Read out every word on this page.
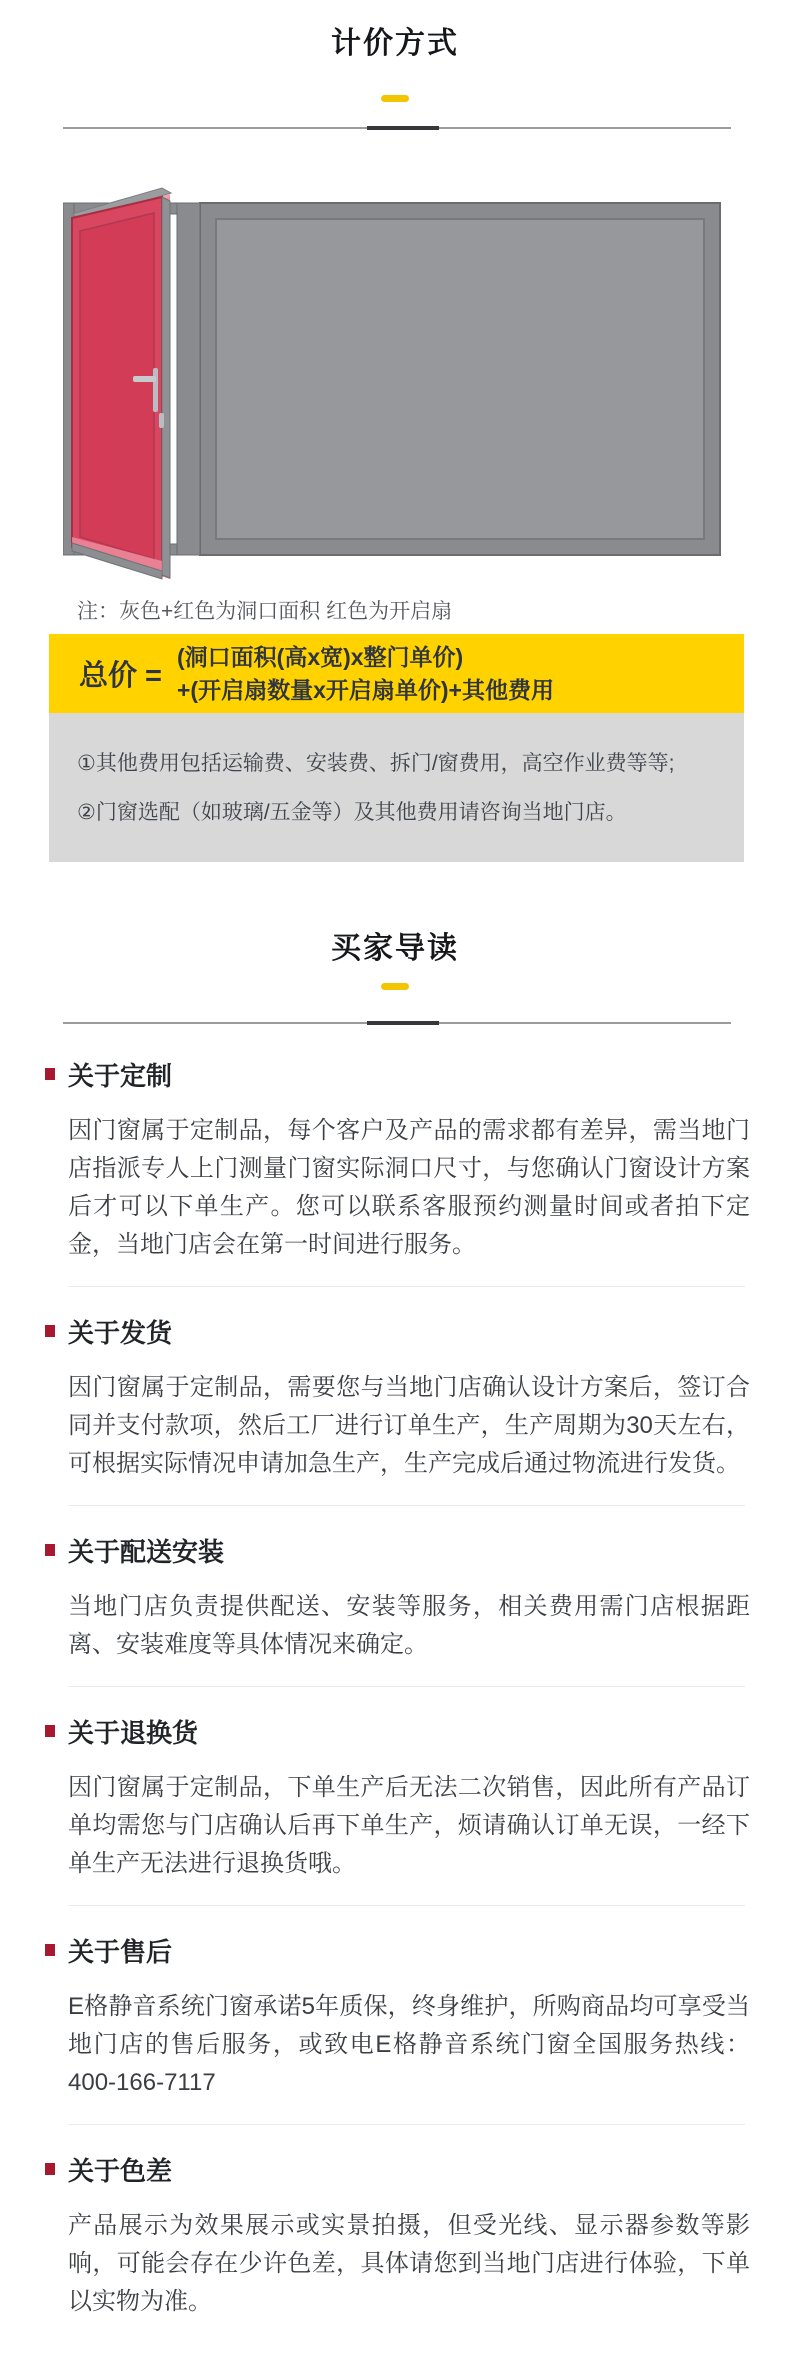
计价方式
注：灰色+红色为洞口面积 红色为开启扇
总价 =
(洞口面积(高x宽)x整门单价)
+(开启扇数量x开启扇单价)+其他费用

①其他费用包括运输费、安装费、拆门/窗费用，高空作业费等等;

②门窗选配（如玻璃/五金等）及其他费用请咨询当地门店。

买家导读
关于定制

因门窗属于定制品，每个客户及产品的需求都有差异，需当地门店指派专人上门测量门窗实际洞口尺寸，与您确认门窗设计方案后才可以下单生产。您可以联系客服预约测量时间或者拍下定金，当地门店会在第一时间进行服务。

关于发货

因门窗属于定制品，需要您与当地门店确认设计方案后，签订合同并支付款项，然后工厂进行订单生产，生产周期为30天左右，可根据实际情况申请加急生产，生产完成后通过物流进行发货。

关于配送安装

当地门店负责提供配送、安装等服务，相关费用需门店根据距离、安装难度等具体情况来确定。

关于退换货

因门窗属于定制品，下单生产后无法二次销售，因此所有产品订单均需您与门店确认后再下单生产，烦请确认订单无误，一经下单生产无法进行退换货哦。

关于售后

E格静音系统门窗承诺5年质保，终身维护，所购商品均可享受当地门店的售后服务，或致电E格静音系统门窗全国服务热线：400-166-7117

关于色差

产品展示为效果展示或实景拍摄，但受光线、显示器参数等影响，可能会存在少许色差，具体请您到当地门店进行体验，下单以实物为准。
